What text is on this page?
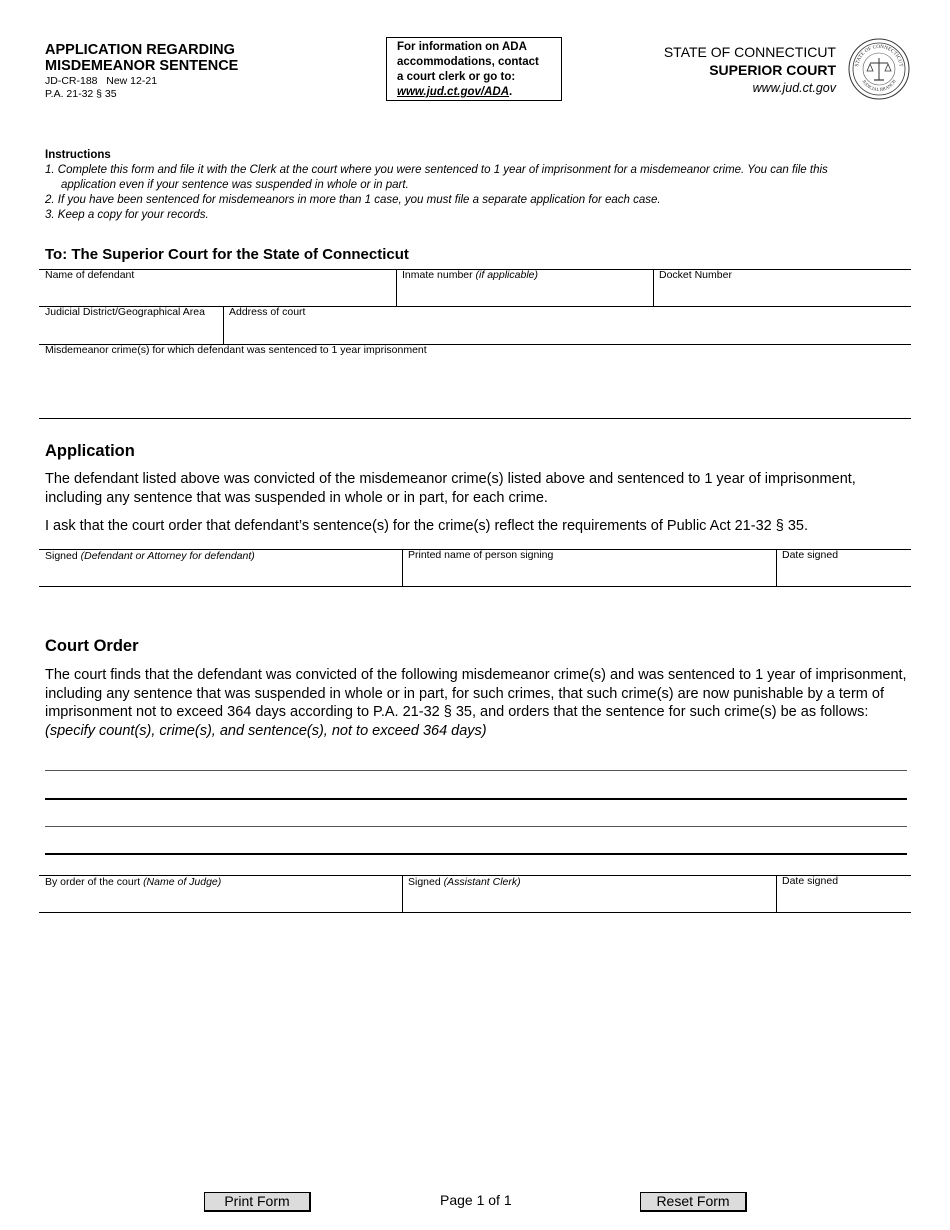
APPLICATION REGARDING
MISDEMEANOR SENTENCE
JD-CR-188   New 12-21
P.A. 21-32 § 35
For information on ADA
accommodations, contact
a court clerk or go to:
www.jud.ct.gov/ADA.
STATE OF CONNECTICUT
SUPERIOR COURT
www.jud.ct.gov
STATE OF CONNECTICUT
JUDICIAL BRANCH
Instructions
1. Complete this form and file it with the Clerk at the court where you were sentenced to 1 year of imprisonment for a misdemeanor crime. You can file this
application even if your sentence was suspended in whole or in part.
2. If you have been sentenced for misdemeanors in more than 1 case, you must file a separate application for each case.
3. Keep a copy for your records.
To: The Superior Court for the State of Connecticut
Name of defendant	Inmate number (if applicable)	Docket Number
Judicial District/Geographical Area Address of court
Misdemeanor crime(s) for which defendant was sentenced to 1 year imprisonment
Application
The defendant listed above was convicted of the misdemeanor crime(s) listed above and sentenced to 1 year of imprisonment, including any sentence that was suspended in whole or in part, for each crime.
I ask that the court order that defendant’s sentence(s) for the crime(s) reflect the requirements of Public Act 21-32 § 35.
Signed (Defendant or Attorney for defendant)	Printed name of person signing	Date signed
Court Order
The court finds that the defendant was convicted of the following misdemeanor crime(s) and was sentenced to 1 year of imprisonment, including any sentence that was suspended in whole or in part, for such crimes, that such crime(s) are now punishable by a term of imprisonment not to exceed 364 days according to P.A. 21-32 § 35, and orders that the sentence for such crime(s) be as follows: (specify count(s), crime(s), and sentence(s), not to exceed 364 days)
By order of the court (Name of Judge)	Signed (Assistant Clerk)	Date signed
Print Form	Page 1 of 1	Reset Form
